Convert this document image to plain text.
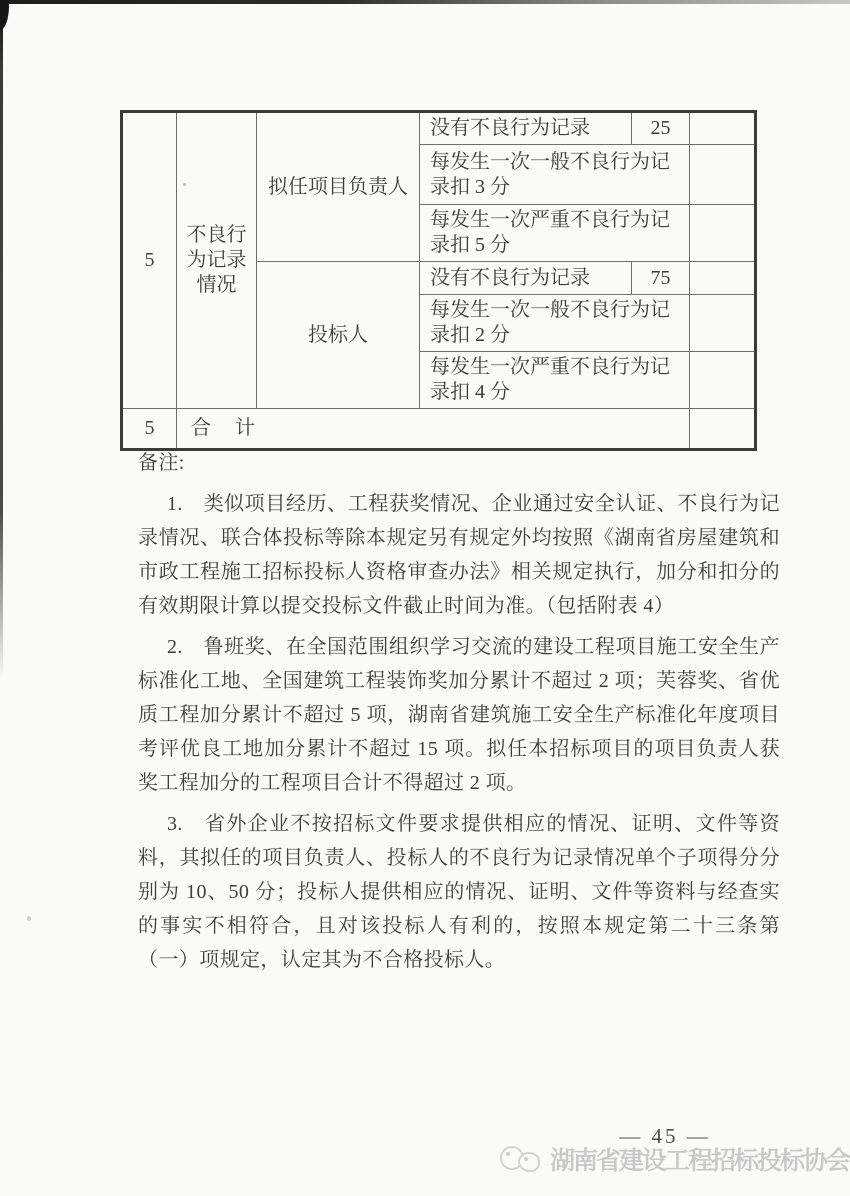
5	不良行为记录情况	拟任项目负责人	没有不良行为记录	25	
			每发生一次一般不良行为记录扣 3 分		
			每发生一次严重不良行为记录扣 5 分		
		投标人	没有不良行为记录	75	
			每发生一次一般不良行为记录扣 2 分		
			每发生一次严重不良行为记录扣 4 分		
5	合　计				
备注:

1.　类似项目经历、工程获奖情况、企业通过安全认证、不良行为记录情况、联合体投标等除本规定另有规定外均按照《湖南省房屋建筑和市政工程施工招标投标人资格审查办法》相关规定执行，加分和扣分的有效期限计算以提交投标文件截止时间为准。（包括附表 4）

2.　鲁班奖、在全国范围组织学习交流的建设工程项目施工安全生产标准化工地、全国建筑工程装饰奖加分累计不超过 2 项；芙蓉奖、省优质工程加分累计不超过 5 项，湖南省建筑施工安全生产标准化年度项目考评优良工地加分累计不超过 15 项。拟任本招标项目的项目负责人获奖工程加分的工程项目合计不得超过 2 项。

3.　省外企业不按招标文件要求提供相应的情况、证明、文件等资料，其拟任的项目负责人、投标人的不良行为记录情况单个子项得分分别为 10、50 分；投标人提供相应的情况、证明、文件等资料与经查实的事实不相符合，且对该投标人有利的，按照本规定第二十三条第（一）项规定，认定其为不合格投标人。

— 45 —
湖南省建设工程招标投标协会
